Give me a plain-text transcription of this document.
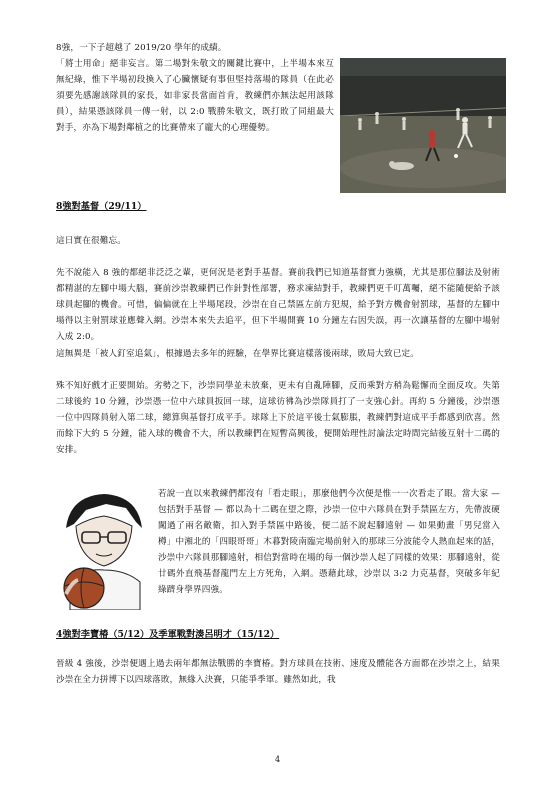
8強，一下子超越了 2019/20 學年的成績。

「將士用命」絕非妄言。第二場對朱敬文的關鍵比賽中，上半場本來互無紀綠，惟下半場初段換入了心臟懷疑有事但堅持落場的隊員（在此必須要先感謝該隊員的家長，如非家長當面首肯，教練們亦無法起用該隊員），結果憑該隊員一傳一射，以 2:0 戰勝朱敬文，既打敗了同組最大對手，亦為下場對鄰植之的比賽帶來了龐大的心理優勢。

8強對基督（29/11）

這日實在很難忘。

先不說能入 8 強的都絕非泛泛之輩，更何況是老對手基督。賽前我們已知道基督實力強橫，尤其是那位腳法及射術都精湛的左腳中場大腦，賽前沙崇教練們已作針對性部署，務求凍結對手，教練們更千叮萬囑，絕不能隨便給予該球員起腳的機會。可惜，偏偏就在上半場尾段，沙崇在自己禁區左前方犯規，給予對方機會射罰球，基督的左腳中場得以主射罰球並應聲入網。沙崇本來失去追平，但下半場開賽 10 分鐘左右因失誤，再一次讓基督的左腳中場射入成 2:0。

這無異是「被人釘室追氣」，根據過去多年的經驗，在學界比賽這樣落後兩球，敗局大致已定。

殊不知好戲才正要開始。劣勢之下，沙崇同學並未放棄，更未有自亂陣腳，反而乘對方稍為鬆懈而全面反攻。失第二球後約 10 分鐘，沙崇憑一位中六球員扳回一球，這球彷彿為沙崇隊員打了一支強心針。再約 5 分鐘後，沙崇憑一位中四隊員射入第二球，總算與基督打成平手。球隊上下於這平後士氣膨脹，教練們對這成平手都感到欣喜。然而餘下大約 5 分鐘，能入球的機會不大，所以教練們在短暫高興後，便開始理性討論法定時間完結後互射十二碼的安排。

若說一直以來教練們都沒有「看走眼」，那麼他們今次便是惟一一次看走了眼。當大家 — 包括對手基督 — 都以為十二碼在望之際，沙崇一位中六隊員在對手禁區左方，先帶波硬闖過了兩名敵衛，扣入對手禁區中路後，便二話不說起腳遠射 — 如果動畫「男兒當入樽」中湘北的「四眼哥哥」木暮對陵南臨完場前射入的那球三分波能令人熱血起來的話，沙崇中六隊員那腳遠射，相信對當時在場的每一個沙崇人起了同樣的效果：那腳遠射，從廿碼外直飛基督龍門左上方死角，入網。憑藉此球，沙崇以 3:2 力克基督，突破多年紀綠躋身學界四強。

4強對李寶椿（5/12）及季軍戰對湊呂明才（15/12）

晉級 4 強後，沙崇便遇上過去兩年都無法戰勝的李寶椿。對方球員在技術、速度及體能各方面都在沙崇之上，結果沙崇在全力拼博下以四球落敗，無緣入決賽，只能爭季軍。雖然如此，我

4
